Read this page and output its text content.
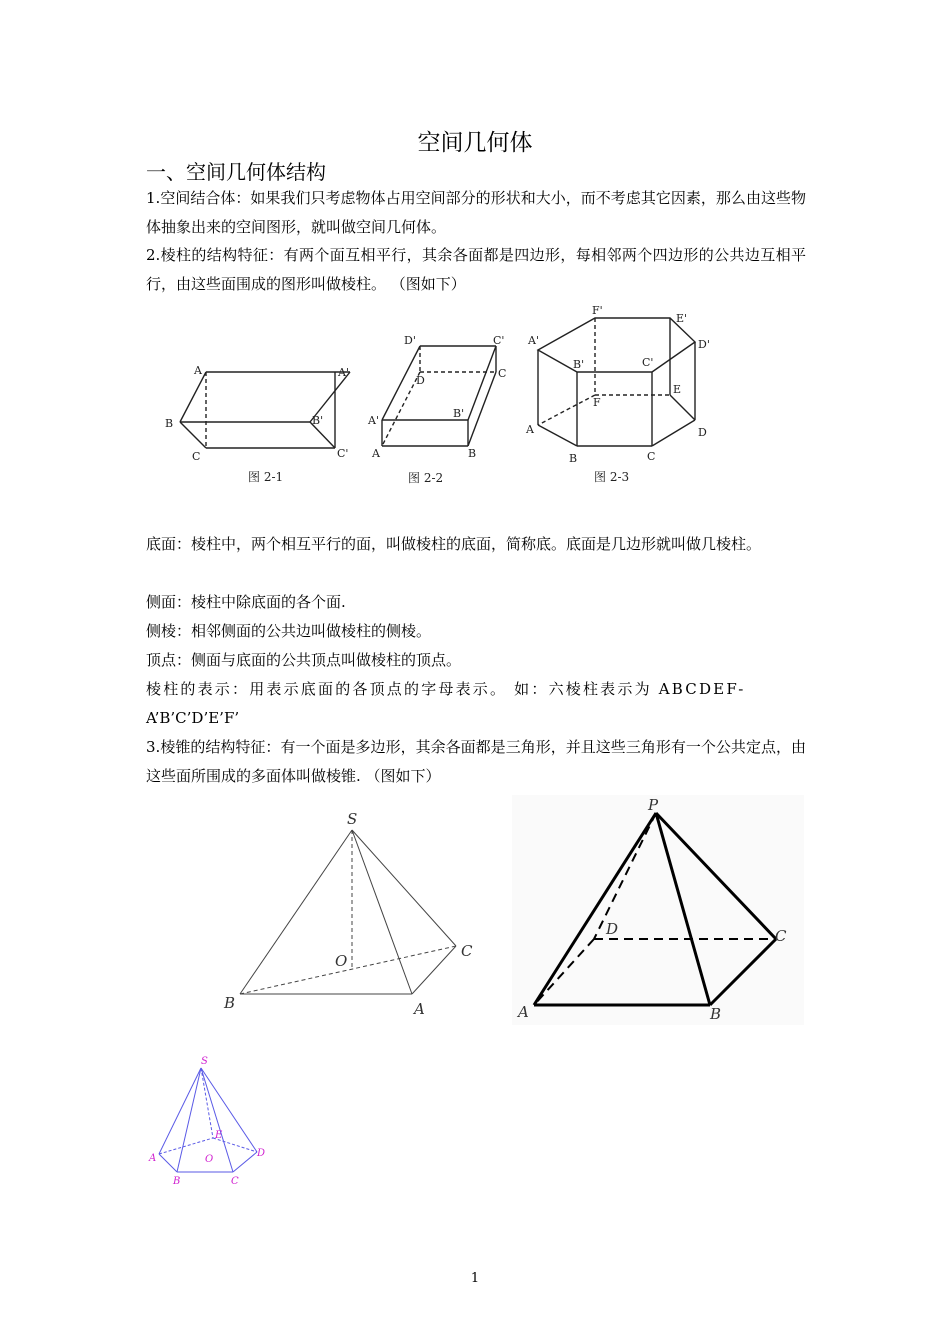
空间几何体
一、空间几何体结构
1.空间结合体：如果我们只考虑物体占用空间部分的形状和大小，而不考虑其它因素，那么由这些物体抽象出来的空间图形，就叫做空间几何体。
2.棱柱的结构特征：有两个面互相平行，其余各面都是四边形，每相邻两个四边形的公共边互相平行，由这些面围成的图形叫做棱柱。 （图如下）
A
B
C
A'
B'
C'
图 2-1
D'	C'
D
C
A'
B'
A	B
图 2-2
F'
E'
A'	D'
B'	C'
E
F
A	D
B	C
图 2-3
底面：棱柱中，两个相互平行的面，叫做棱柱的底面，简称底。底面是几边形就叫做几棱柱。
侧面：棱柱中除底面的各个面.
侧棱：相邻侧面的公共边叫做棱柱的侧棱。
顶点：侧面与底面的公共顶点叫做棱柱的顶点。
棱柱的表示：用表示底面的各顶点的字母表示。 如：六棱柱表示为 ABCDEF-
A’B’C’D’E’F’
3.棱锥的结构特征：有一个面是多边形，其余各面都是三角形，并且这些三角形有一个公共定点，由这些面所围成的多面体叫做棱锥. （图如下）
S
O
C
B	A
P
D	C
A	B
S
E
O
A	D
B	C
1
